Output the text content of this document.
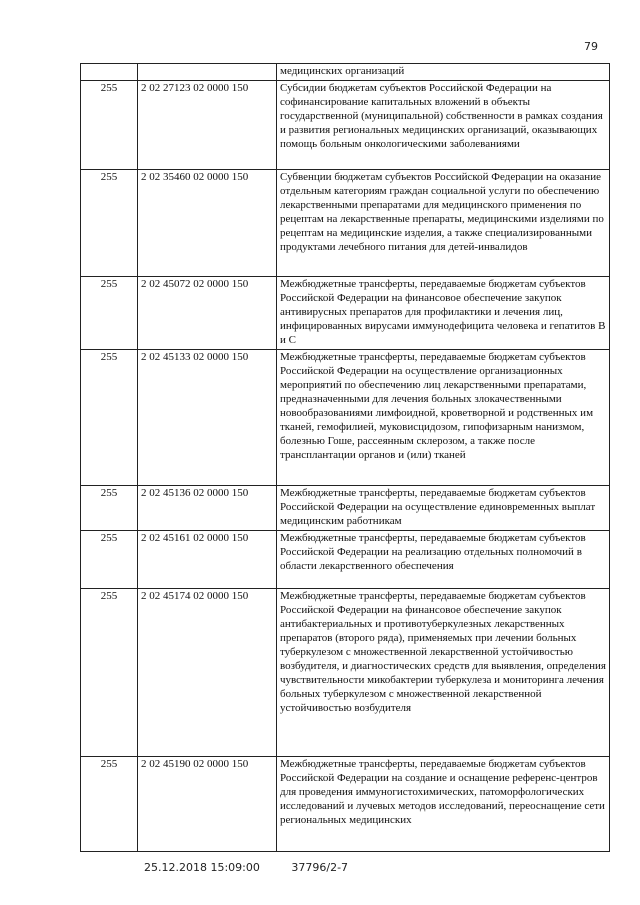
79
		медицинских организаций
255	2 02 27123 02 0000 150	Субсидии бюджетам субъектов Российской Федерации на софинансирование капитальных вложений в объекты государственной (муниципальной) собственности в рамках создания и развития региональных медицинских организаций, оказывающих помощь больным онкологическими заболеваниями
255	2 02 35460 02 0000 150	Субвенции бюджетам субъектов Российской Федерации на оказание отдельным категориям граждан социальной услуги по обеспечению лекарственными препаратами для медицинского применения по рецептам на лекарственные препараты, медицинскими изделиями по рецептам на медицинские изделия, а также специализированными продуктами лечебного питания для детей-инвалидов
255	2 02 45072 02 0000 150	Межбюджетные трансферты, передаваемые бюджетам субъектов Российской Федерации на финансовое обеспечение закупок антивирусных препаратов для профилактики и лечения лиц, инфицированных вирусами иммунодефицита человека и гепатитов В и С
255	2 02 45133 02 0000 150	Межбюджетные трансферты, передаваемые бюджетам субъектов Российской Федерации на осуществление организационных мероприятий по обеспечению лиц лекарственными препаратами, предназначенными для лечения больных злокачественными новообразованиями лимфоидной, кроветворной и родственных им тканей, гемофилией, муковисцидозом, гипофизарным нанизмом, болезнью Гоше, рассеянным склерозом, а также после трансплантации органов и (или) тканей
255	2 02 45136 02 0000 150	Межбюджетные трансферты, передаваемые бюджетам субъектов Российской Федерации на осуществление единовременных выплат медицинским работникам
255	2 02 45161 02 0000 150	Межбюджетные трансферты, передаваемые бюджетам субъектов Российской Федерации на реализацию отдельных полномочий в области лекарственного обеспечения
255	2 02 45174 02 0000 150	Межбюджетные трансферты, передаваемые бюджетам субъектов Российской Федерации на финансовое обеспечение закупок антибактериальных и противотуберкулезных лекарственных препаратов (второго ряда), применяемых при лечении больных туберкулезом с множественной лекарственной устойчивостью возбудителя, и диагностических средств для выявления, определения чувствительности микобактерии туберкулеза и мониторинга лечения больных туберкулезом с множественной лекарственной устойчивостью возбудителя
255	2 02 45190 02 0000 150	Межбюджетные трансферты, передаваемые бюджетам субъектов Российской Федерации на создание и оснащение референс-центров для проведения иммуногистохимических, патоморфологических исследований и лучевых методов исследований, переоснащение сети региональных медицинских
25.12.2018 15:09:00	37796/2-7
